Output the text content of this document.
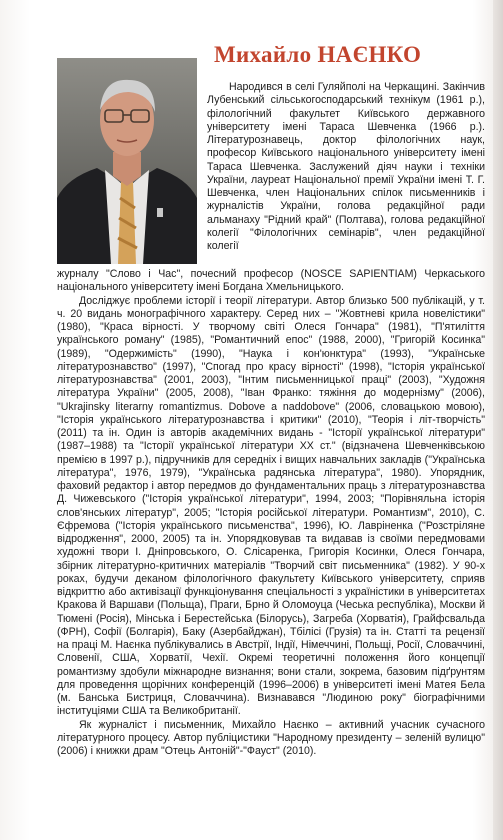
Михайло НАЄНКО

Народився в селі Гуляйполі на Черкащині. Закінчив Лубенський сільськогосподарський технікум (1961 р.), філологічний факультет Київського державного університету імені Тараса Шевченка (1966 р.). Літературознавець, доктор філологічних наук, професор Київського національного університету імені Тараса Шевченка. Заслужений діяч науки і техніки України, лауреат Національної премії України імені Т. Г. Шевченка, член Національних спілок письменників і журналістів України, голова редакційної ради альманаху "Рідний край" (Полтава), голова редакційної колегії "Філологічних семінарів", член редакційної колегії

журналу "Слово і Час", почесний професор (NOSCE SAPIENTIAM) Черкаського національного університету імені Богдана Хмельницького.

Досліджує проблеми історії і теорії літератури. Автор близько 500 публікацій, у т. ч. 20 видань монографічного характеру. Серед них – "Жовтневі крила новелістики" (1980), "Краса вірності. У творчому світі Олеся Гончара" (1981), "П'ятиліття українського роману" (1985), "Романтичний епос" (1988, 2000), "Григорій Косинка" (1989), "Одержимість" (1990), "Наука і кон'юнктура" (1993), "Українське літературознавство" (1997), "Спогад про красу вірності" (1998), "Історія української літературознавства" (2001, 2003), "Інтим письменницької праці" (2003), "Художня література України" (2005, 2008), "Іван Франко: тяжіння до модернізму" (2006), "Ukrajinsky literarny romantizmus. Dobove a naddobove" (2006, словацькою мовою), "Історія українського літературознавства і критики" (2010), "Теорія і літ-творчість" (2011) та ін. Один із авторів академічних видань - "Історії української літератури" (1987–1988) та "Історії української літератури ХХ ст." (відзначена Шевченківською премією в 1997 р.), підручників для середніх і вищих навчальних закладів ("Українська література", 1976, 1979), "Українська радянська література", 1980). Упорядник, фаховий редактор і автор передмов до фундаментальних праць з літературознавства Д. Чижевського ("Історія української літератури", 1994, 2003; "Порівняльна історія слов'янських літератур", 2005; "Історія російської літератури. Романтизм", 2010), С. Єфремова ("Історія українського письменства", 1996), Ю. Лавріненка ("Розстріляне відродження", 2000, 2005) та ін. Упорядковував та видавав із своїми передмовами художні твори І. Дніпровського, О. Слісаренка, Григорія Косинки, Олеся Гончара, збірник літературно-критичних матеріалів "Творчий світ письменника" (1982). У 90-х роках, будучи деканом філологічного факультету Київського університету, сприяв відкриттю або активізації функціонування спеціальності з україністики в університетах Кракова й Варшави (Польща), Праги, Брно й Оломоуца (Чеська республіка), Москви й Тюмені (Росія), Мінська і Берестейська (Білорусь), Загреба (Хорватія), Грайфсвальда (ФРН), Софії (Болгарія), Баку (Азербайджан), Тбілісі (Грузія) та ін. Статті та рецензії на праці М. Наєнка публікувались в Австрії, Індії, Німеччині, Польщі, Росії, Словаччині, Словенії, США, Хорватії, Чехії. Окремі теоретичні положення його концепції романтизму здобули міжнародне визнання; вони стали, зокрема, базовим підґрунтям для проведення щорічних конференцій (1996–2006) в університеті імені Матея Бела (м. Банська Бистриця, Словаччина). Визнавався "Людиною року" біографічними інституціями США та Великобританії.

Як журналіст і письменник, Михайло Наєнко – активний учасник сучасного літературного процесу. Автор публіцистики "Народному президенту – зеленій вулицю" (2006) і книжки драм "Отець Антоній"-"Фауст" (2010).
